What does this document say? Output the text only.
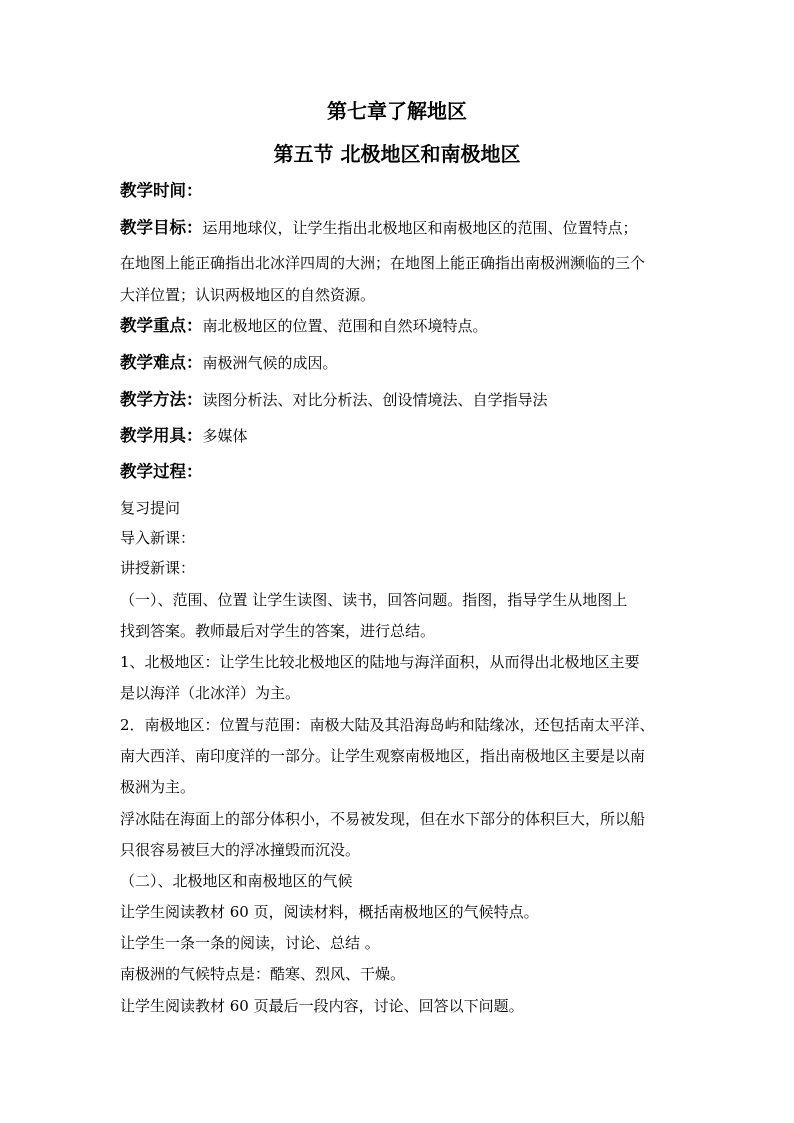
第七章了解地区
第五节 北极地区和南极地区
教学时间：
教学目标：运用地球仪，让学生指出北极地区和南极地区的范围、位置特点；
在地图上能正确指出北冰洋四周的大洲；在地图上能正确指出南极洲濒临的三个
大洋位置；认识两极地区的自然资源。
教学重点：南北极地区的位置、范围和自然环境特点。
教学难点：南极洲气候的成因。
教学方法：读图分析法、对比分析法、创设情境法、自学指导法
教学用具：多媒体
教学过程：
复习提问
导入新课：
讲授新课：
（一）、范围、位置 让学生读图、读书，回答问题。指图，指导学生从地图上
找到答案。教师最后对学生的答案，进行总结。
1、北极地区：让学生比较北极地区的陆地与海洋面积，从而得出北极地区主要
是以海洋（北冰洋）为主。
2．南极地区：位置与范围：南极大陆及其沿海岛屿和陆缘冰，还包括南太平洋、
南大西洋、南印度洋的一部分。让学生观察南极地区，指出南极地区主要是以南
极洲为主。
浮冰陆在海面上的部分体积小，不易被发现，但在水下部分的体积巨大，所以船
只很容易被巨大的浮冰撞毁而沉没。
（二）、北极地区和南极地区的气候
让学生阅读教材 60 页，阅读材料，概括南极地区的气候特点。
让学生一条一条的阅读，讨论、总结 。
南极洲的气候特点是：酷寒、烈风、干燥。
让学生阅读教材 60 页最后一段内容，讨论、回答以下问题。
